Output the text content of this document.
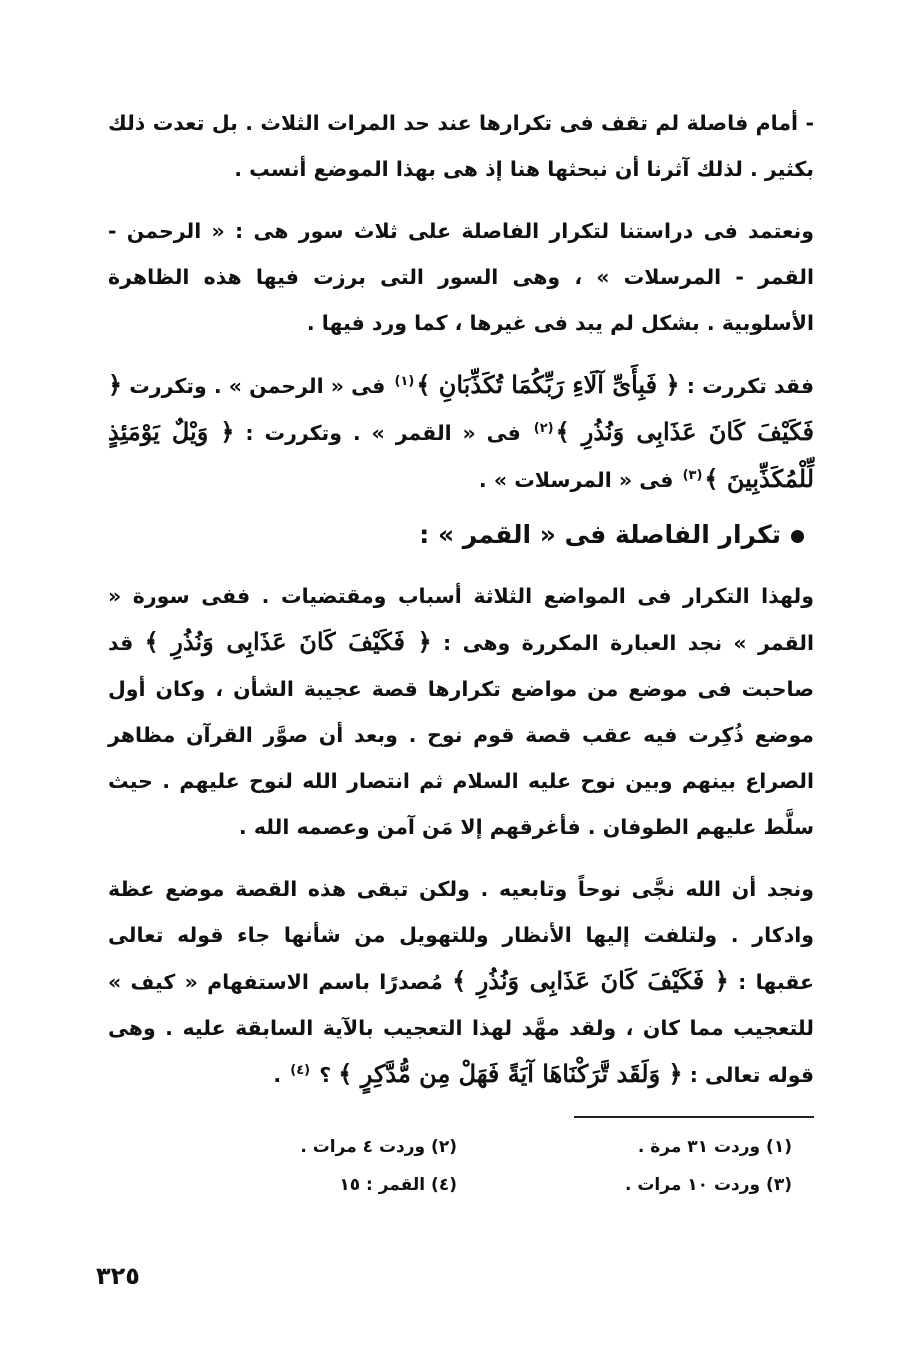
- أمام فاصلة لم تقف فى تكرارها عند حد المرات الثلاث . بل تعدت ذلك بكثير . لذلك آثرنا أن نبحثها هنا إذ هى بهذا الموضع أنسب .

ونعتمد فى دراستنا لتكرار الفاصلة على ثلاث سور هى : « الرحمن - القمر - المرسلات » ، وهى السور التى برزت فيها هذه الظاهرة الأسلوبية . بشكل لم يبد فى غيرها ، كما ورد فيها .

فقد تكررت : ﴿ فَبِأَىِّ آلَاءِ رَبِّكُمَا تُكَذِّبَانِ ﴾$^{(١)}$ فى « الرحمن » . وتكررت ﴿ فَكَيْفَ كَانَ عَذَابِى وَنُذُرِ ﴾$^{(٢)}$ فى « القمر » . وتكررت : ﴿ وَيْلٌ يَوْمَئِذٍ لِّلْمُكَذِّبِينَ ﴾$^{(٣)}$ فى « المرسلات » .

تكرار الفاصلة فى « القمر » :

ولهذا التكرار فى المواضع الثلاثة أسباب ومقتضيات . ففى سورة « القمر » نجد العبارة المكررة وهى : ﴿ فَكَيْفَ كَانَ عَذَابِى وَنُذُرِ ﴾ قد صاحبت فى موضع من مواضع تكرارها قصة عجيبة الشأن ، وكان أول موضع ذُكِرت فيه عقب قصة قوم نوح . وبعد أن صوَّر القرآن مظاهر الصراع بينهم وبين نوح عليه السلام ثم انتصار الله لنوح عليهم . حيث سلَّط عليهم الطوفان . فأغرقهم إلا مَن آمن وعصمه الله .

ونجد أن الله نجَّى نوحاً وتابعيه . ولكن تبقى هذه القصة موضع عظة وادكار . ولتلفت إليها الأنظار وللتهويل من شأنها جاء قوله تعالى عقبها : ﴿ فَكَيْفَ كَانَ عَذَابِى وَنُذُرِ ﴾ مُصدرًا باسم الاستفهام « كيف » للتعجيب مما كان ، ولقد مهَّد لهذا التعجيب بالآية السابقة عليه . وهى قوله تعالى : ﴿ وَلَقَد تَّرَكْنَاهَا آيَةً فَهَلْ مِن مُّدَّكِرٍ ﴾ ؟ $^{(٤)}$ .

(١) وردت ٣١ مرة .
(٢) وردت ٤ مرات .
(٣) وردت ١٠ مرات .
(٤) القمر : ١٥
٣٢٥
